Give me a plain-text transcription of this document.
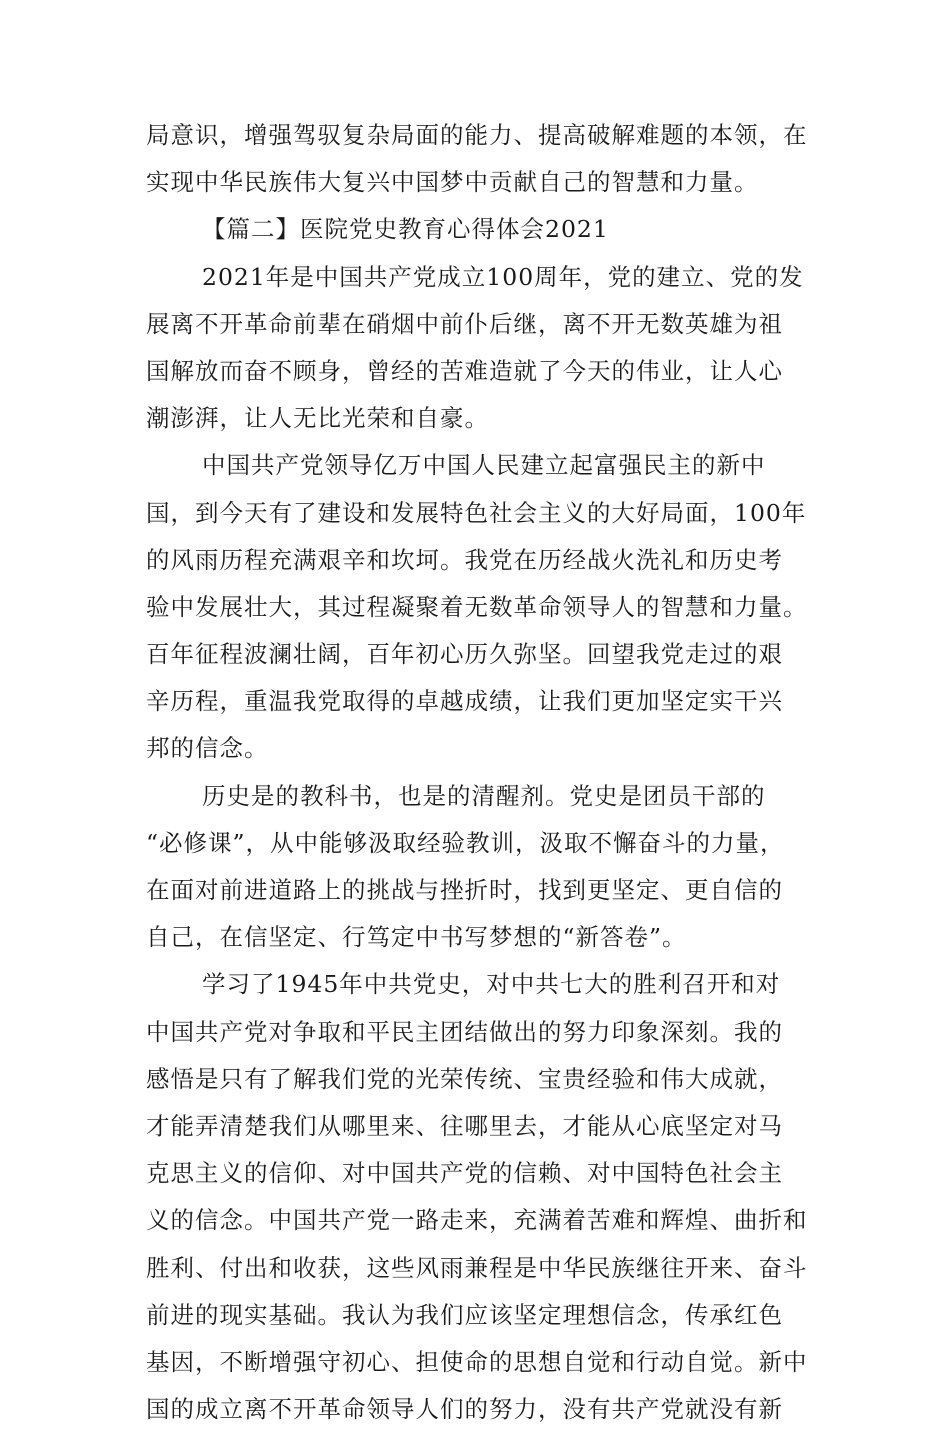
局意识，增强驾驭复杂局面的能力、提高破解难题的本领，在
实现中华民族伟大复兴中国梦中贡献自己的智慧和力量。
【篇二】医院党史教育心得体会2021
2021年是中国共产党成立100周年，党的建立、党的发
展离不开革命前辈在硝烟中前仆后继，离不开无数英雄为祖
国解放而奋不顾身，曾经的苦难造就了今天的伟业，让人心
潮澎湃，让人无比光荣和自豪。
中国共产党领导亿万中国人民建立起富强民主的新中
国，到今天有了建设和发展特色社会主义的大好局面，100年
的风雨历程充满艰辛和坎坷。我党在历经战火洗礼和历史考
验中发展壮大，其过程凝聚着无数革命领导人的智慧和力量。
百年征程波澜壮阔，百年初心历久弥坚。回望我党走过的艰
辛历程，重温我党取得的卓越成绩，让我们更加坚定实干兴
邦的信念。
历史是的教科书，也是的清醒剂。党史是团员干部的
“必修课”，从中能够汲取经验教训，汲取不懈奋斗的力量，
在面对前进道路上的挑战与挫折时，找到更坚定、更自信的
自己，在信坚定、行笃定中书写梦想的“新答卷”。
学习了1945年中共党史，对中共七大的胜利召开和对
中国共产党对争取和平民主团结做出的努力印象深刻。我的
感悟是只有了解我们党的光荣传统、宝贵经验和伟大成就，
才能弄清楚我们从哪里来、往哪里去，才能从心底坚定对马
克思主义的信仰、对中国共产党的信赖、对中国特色社会主
义的信念。中国共产党一路走来，充满着苦难和辉煌、曲折和
胜利、付出和收获，这些风雨兼程是中华民族继往开来、奋斗
前进的现实基础。我认为我们应该坚定理想信念，传承红色
基因，不断增强守初心、担使命的思想自觉和行动自觉。新中
国的成立离不开革命领导人们的努力，没有共产党就没有新
